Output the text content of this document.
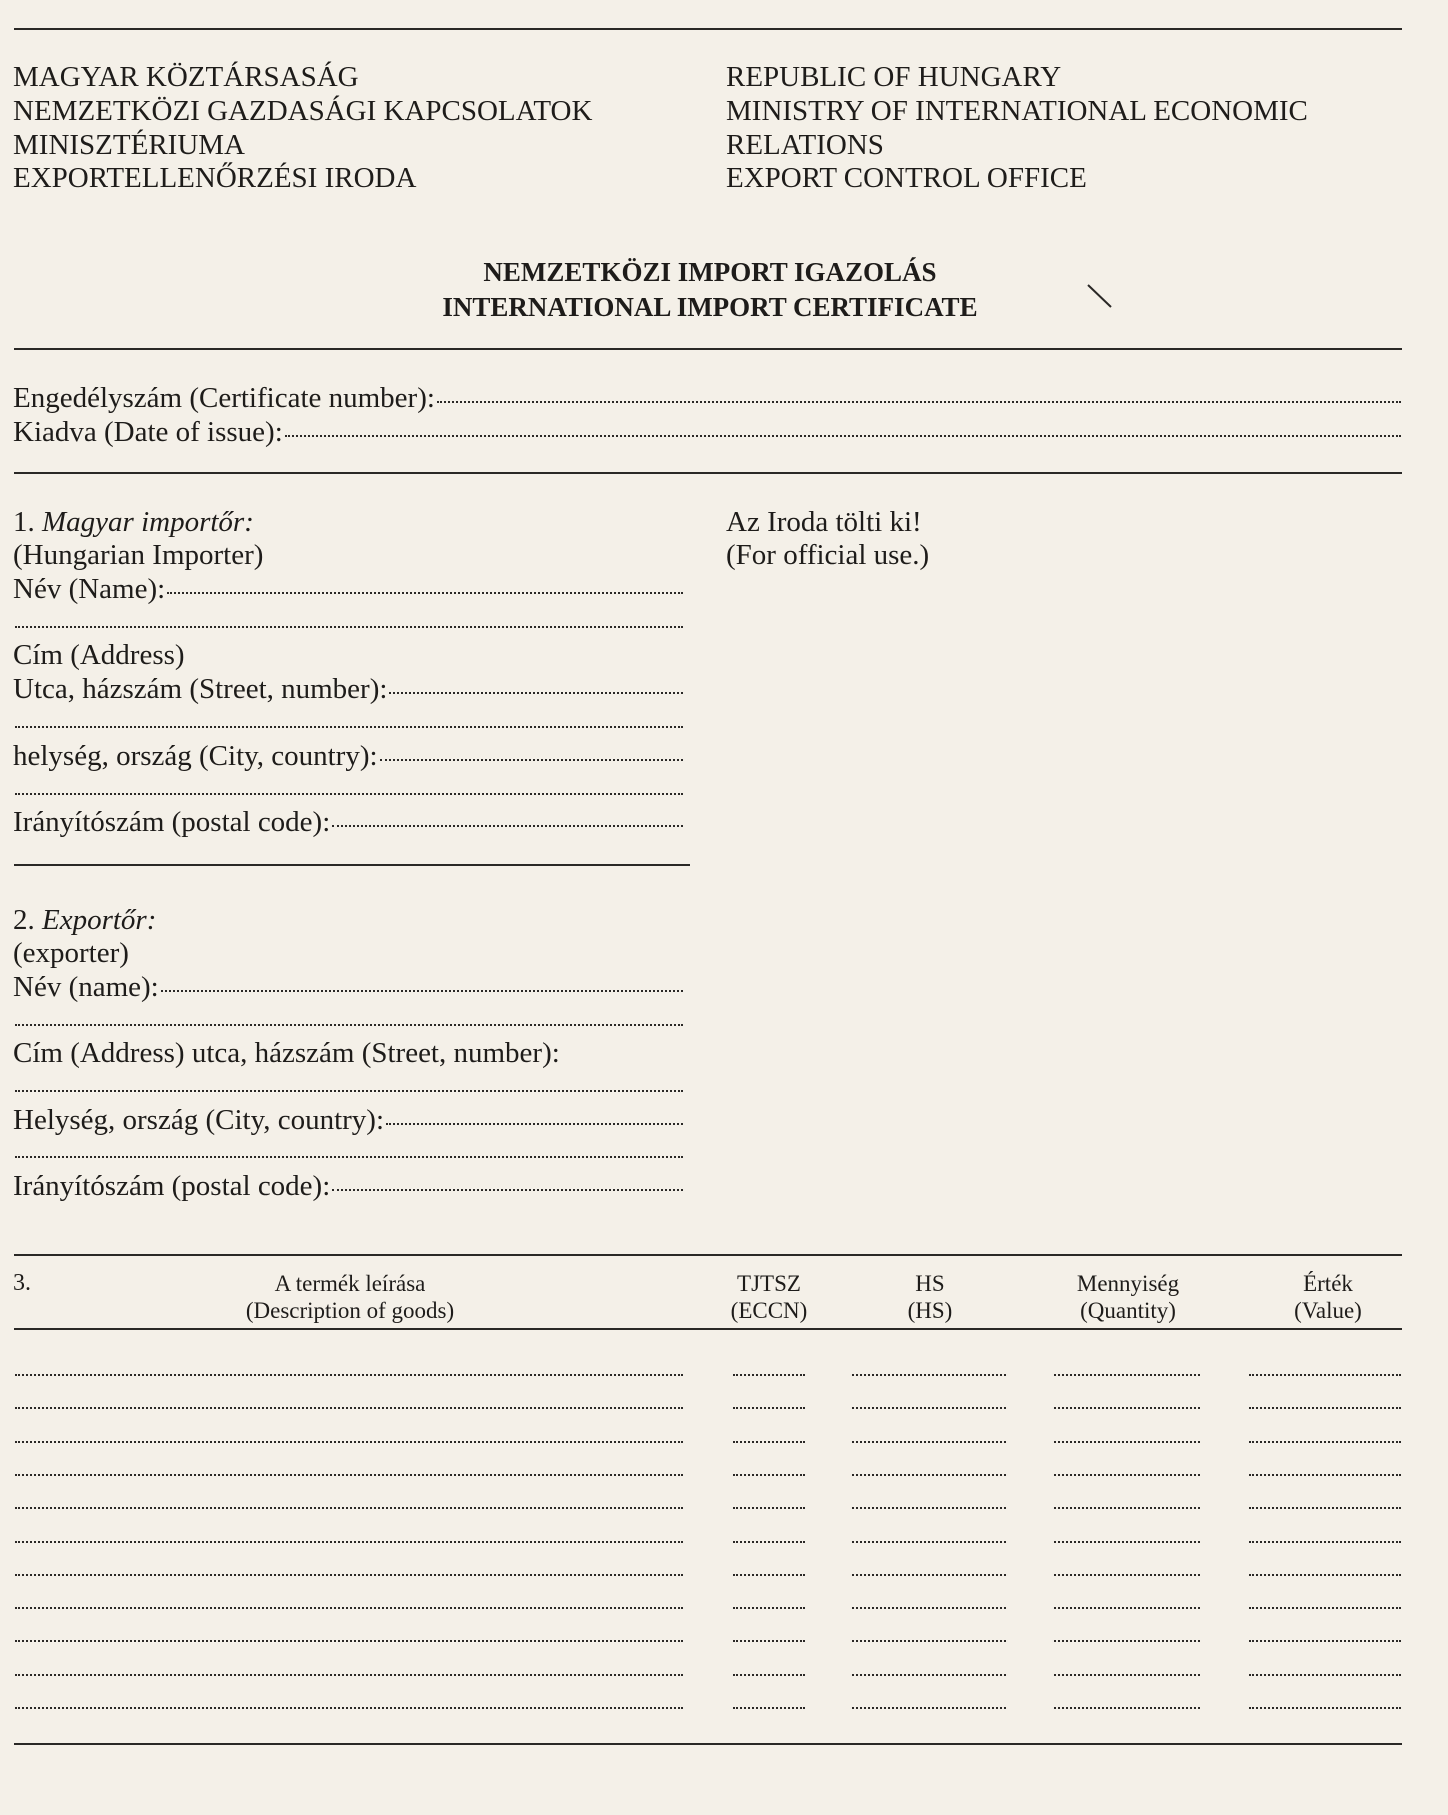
MAGYAR KÖZTÁRSASÁG
NEMZETKÖZI GAZDASÁGI KAPCSOLATOK
MINISZTÉRIUMA
EXPORTELLENŐRZÉSI IRODA
REPUBLIC OF HUNGARY
MINISTRY OF INTERNATIONAL ECONOMIC
RELATIONS
EXPORT CONTROL OFFICE
NEMZETKÖZI IMPORT IGAZOLÁS
INTERNATIONAL IMPORT CERTIFICATE
Engedélyszám (Certificate number):
Kiadva (Date of issue):
1. Magyar importőr:
(Hungarian Importer)
Név (Name):
Cím (Address)
Utca, házszám (Street, number):
helység, ország (City, country):
Irányítószám (postal code):
Az Iroda tölti ki!
(For official use.)
2. Exportőr:
(exporter)
Név (name):
Cím (Address) utca, házszám (Street, number):
Helység, ország (City, country):
Irányítószám (postal code):
3.	A termék leírása
(Description of goods)
TJTSZ
(ECCN)
HS
(HS)
Mennyiség
(Quantity)
Érték
(Value)
